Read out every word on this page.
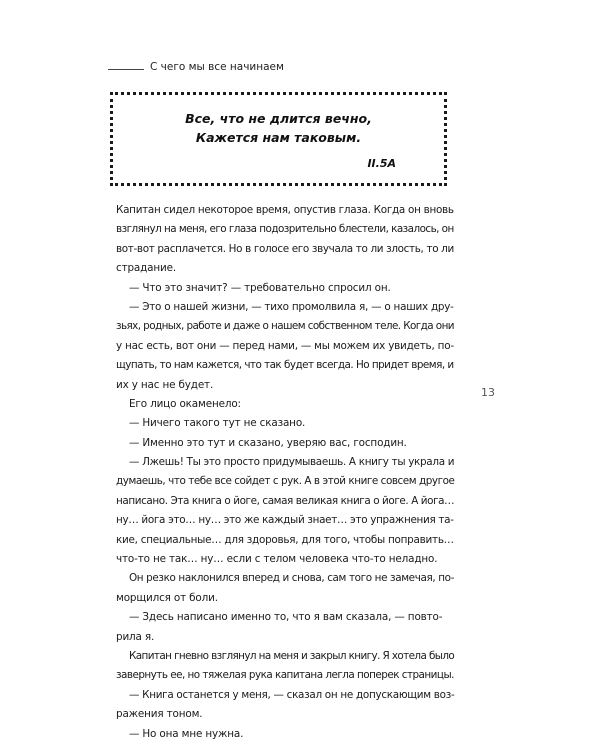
С чего мы все начинаем
Все, что не длится вечно,
Кажется нам таковым.
II.5A
Капитан сидел некоторое время, опустив глаза. Когда он вновь
взглянул на меня, его глаза подозрительно блестели, казалось, он
вот-вот расплачется. Но в голосе его звучала то ли злость, то ли
страдание.
— Что это значит? — требовательно спросил он.
— Это о нашей жизни, — тихо промолвила я, — о наших дру-
зьях, родных, работе и даже о нашем собственном теле. Когда они
у нас есть, вот они — перед нами, — мы можем их увидеть, по-
щупать, то нам кажется, что так будет всегда. Но придет время, и
их у нас не будет.
Его лицо окаменело:
— Ничего такого тут не сказано.
— Именно это тут и сказано, уверяю вас, господин.
— Лжешь! Ты это просто придумываешь. А книгу ты украла и
думаешь, что тебе все сойдет с рук. А в этой книге совсем другое
написано. Эта книга о йоге, самая великая книга о йоге. А йога…
ну… йога это… ну… это же каждый знает… это упражнения та-
кие, специальные… для здоровья, для того, чтобы поправить…
что-то не так… ну… если с телом человека что-то неладно.
Он резко наклонился вперед и снова, сам того не замечая, по-
морщился от боли.
— Здесь написано именно то, что я вам сказала, — повто-
рила я.
Капитан гневно взглянул на меня и закрыл книгу. Я хотела было
завернуть ее, но тяжелая рука капитана легла поперек страницы.
— Книга останется у меня, — сказал он не допускающим воз-
ражения тоном.
— Но она мне нужна.
13
